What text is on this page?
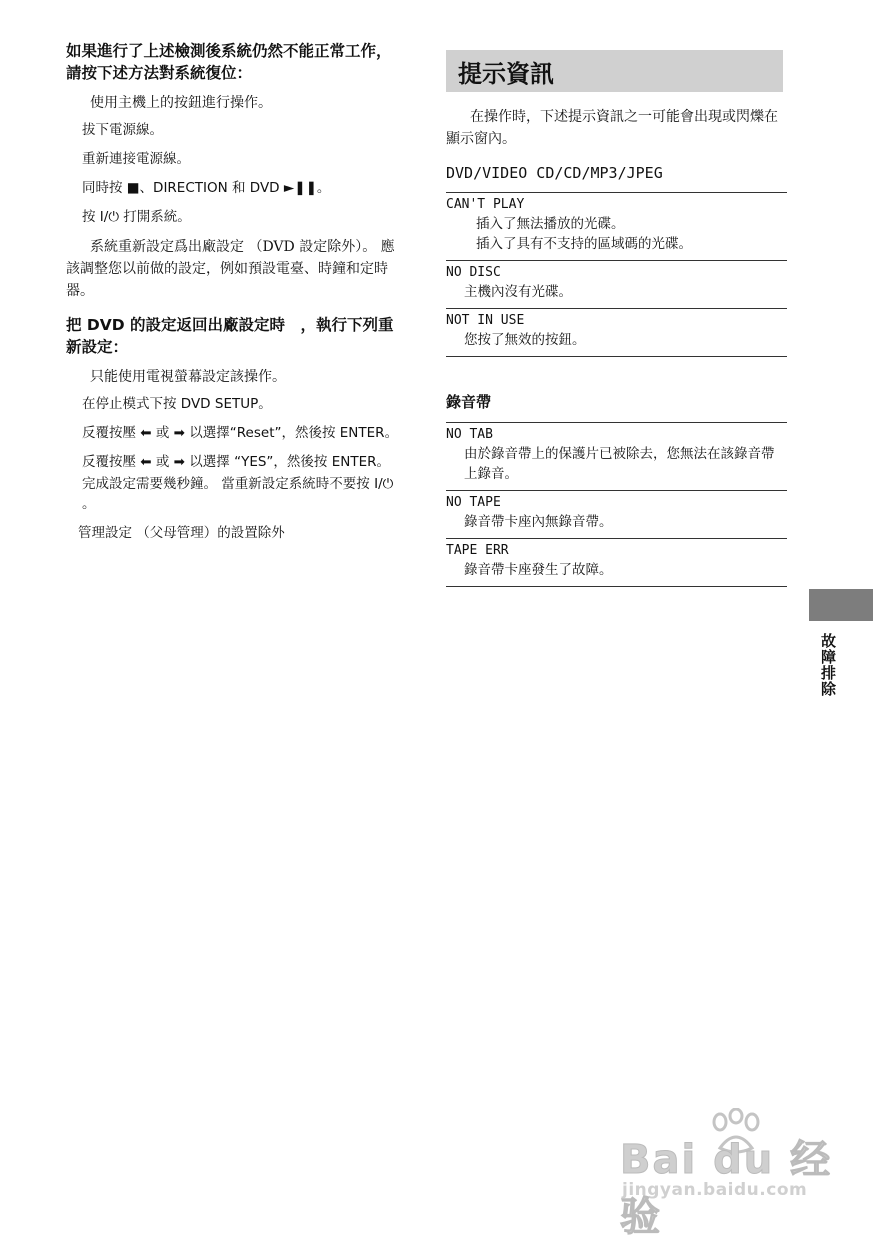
如果進行了上述檢測後系統仍然不能正常工作，請按下述方法對系統復位：

使用主機上的按鈕進行操作。

拔下電源線。

重新連接電源線。

同時按 ■、DIRECTION 和 DVD ►❚❚。

按 I/⏻ 打開系統。

系統重新設定爲出廠設定 （DVD 設定除外）。 應該調整您以前做的設定，例如預設電臺、時鐘和定時器。

把 DVD 的設定返回出廠設定時　，執行下列重新設定：

只能使用電視螢幕設定該操作。

在停止模式下按 DVD SETUP。

反覆按壓 ⬅ 或 ➡ 以選擇“Reset”，然後按 ENTER。

反覆按壓 ⬅ 或 ➡ 以選擇 “YES”，然後按 ENTER。

完成設定需要幾秒鐘。 當重新設定系統時不要按 I/⏻ 。

管理設定 （父母管理）的設置除外

提示資訊

在操作時，下述提示資訊之一可能會出現或閃爍在顯示窗內。

DVD/VIDEO CD/CD/MP3/JPEG

CAN'T PLAY
插入了無法播放的光碟。
插入了具有不支持的區域碼的光碟。
NO DISC
主機內沒有光碟。
NOT IN USE
您按了無效的按鈕。

錄音帶

NO TAB
由於錄音帶上的保護片已被除去，您無法在該錄音帶上錄音。
NO TAPE
錄音帶卡座內無錄音帶。
TAPE ERR
錄音帶卡座發生了故障。
故障排除
Bai du 经验
jingyan.baidu.com
